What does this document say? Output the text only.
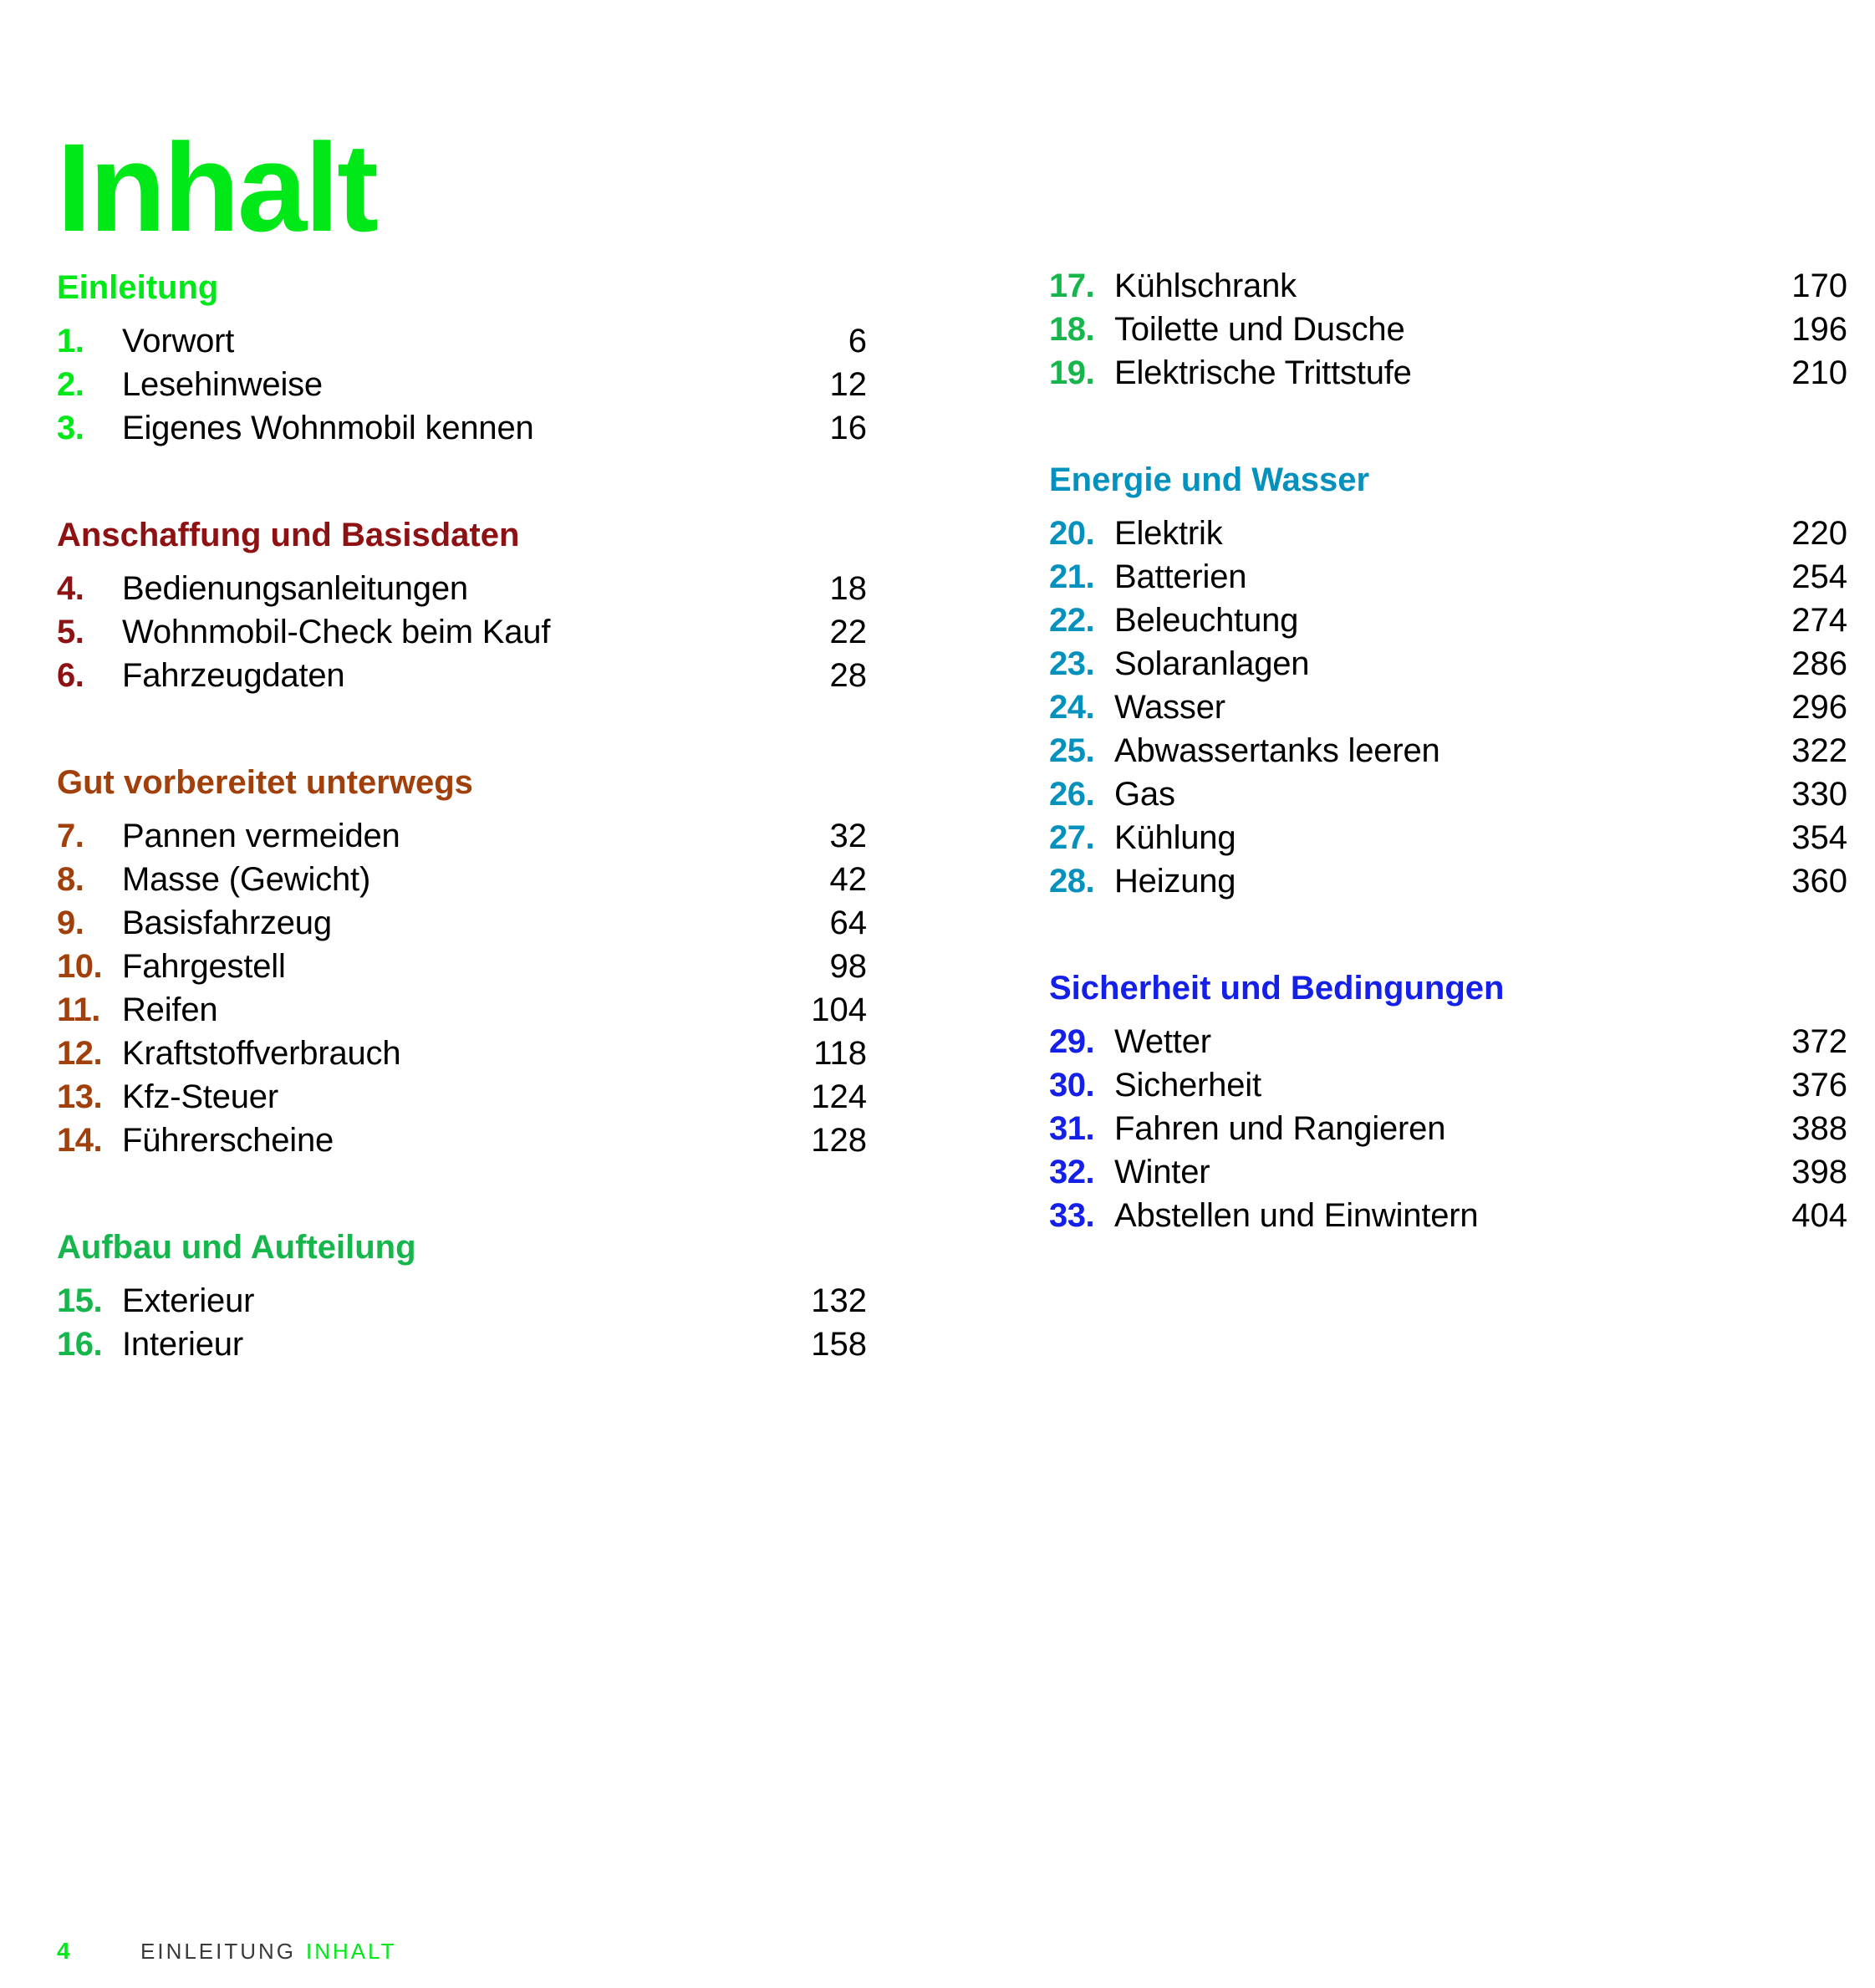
Inhalt
Einleitung
1.	Vorwort	6
2.	Lesehinweise	12
3.	Eigenes Wohnmobil kennen	16
Anschaffung und Basisdaten
4.	Bedienungsanleitungen	18
5.	Wohnmobil-Check beim Kauf	22
6.	Fahrzeugdaten	28
Gut vorbereitet unterwegs
7.	Pannen vermeiden	32
8.	Masse (Gewicht)	42
9.	Basisfahrzeug	64
10. Fahrgestell	98
11. Reifen	104
12. Kraftstoffverbrauch	118
13. Kfz-Steuer	124
14. Führerscheine	128
Aufbau und Aufteilung
15. Exterieur	132
16. Interieur	158
17. Kühlschrank	170
18. Toilette und Dusche	196
19. Elektrische Trittstufe	210
Energie und Wasser
20. Elektrik	220
21. Batterien	254
22. Beleuchtung	274
23. Solaranlagen	286
24. Wasser	296
25. Abwassertanks leeren	322
26. Gas	330
27. Kühlung	354
28. Heizung	360
Sicherheit und Bedingungen
29. Wetter	372
30. Sicherheit	376
31. Fahren und Rangieren	388
32. Winter	398
33. Abstellen und Einwintern	404
4	EINLEITUNG INHALT
